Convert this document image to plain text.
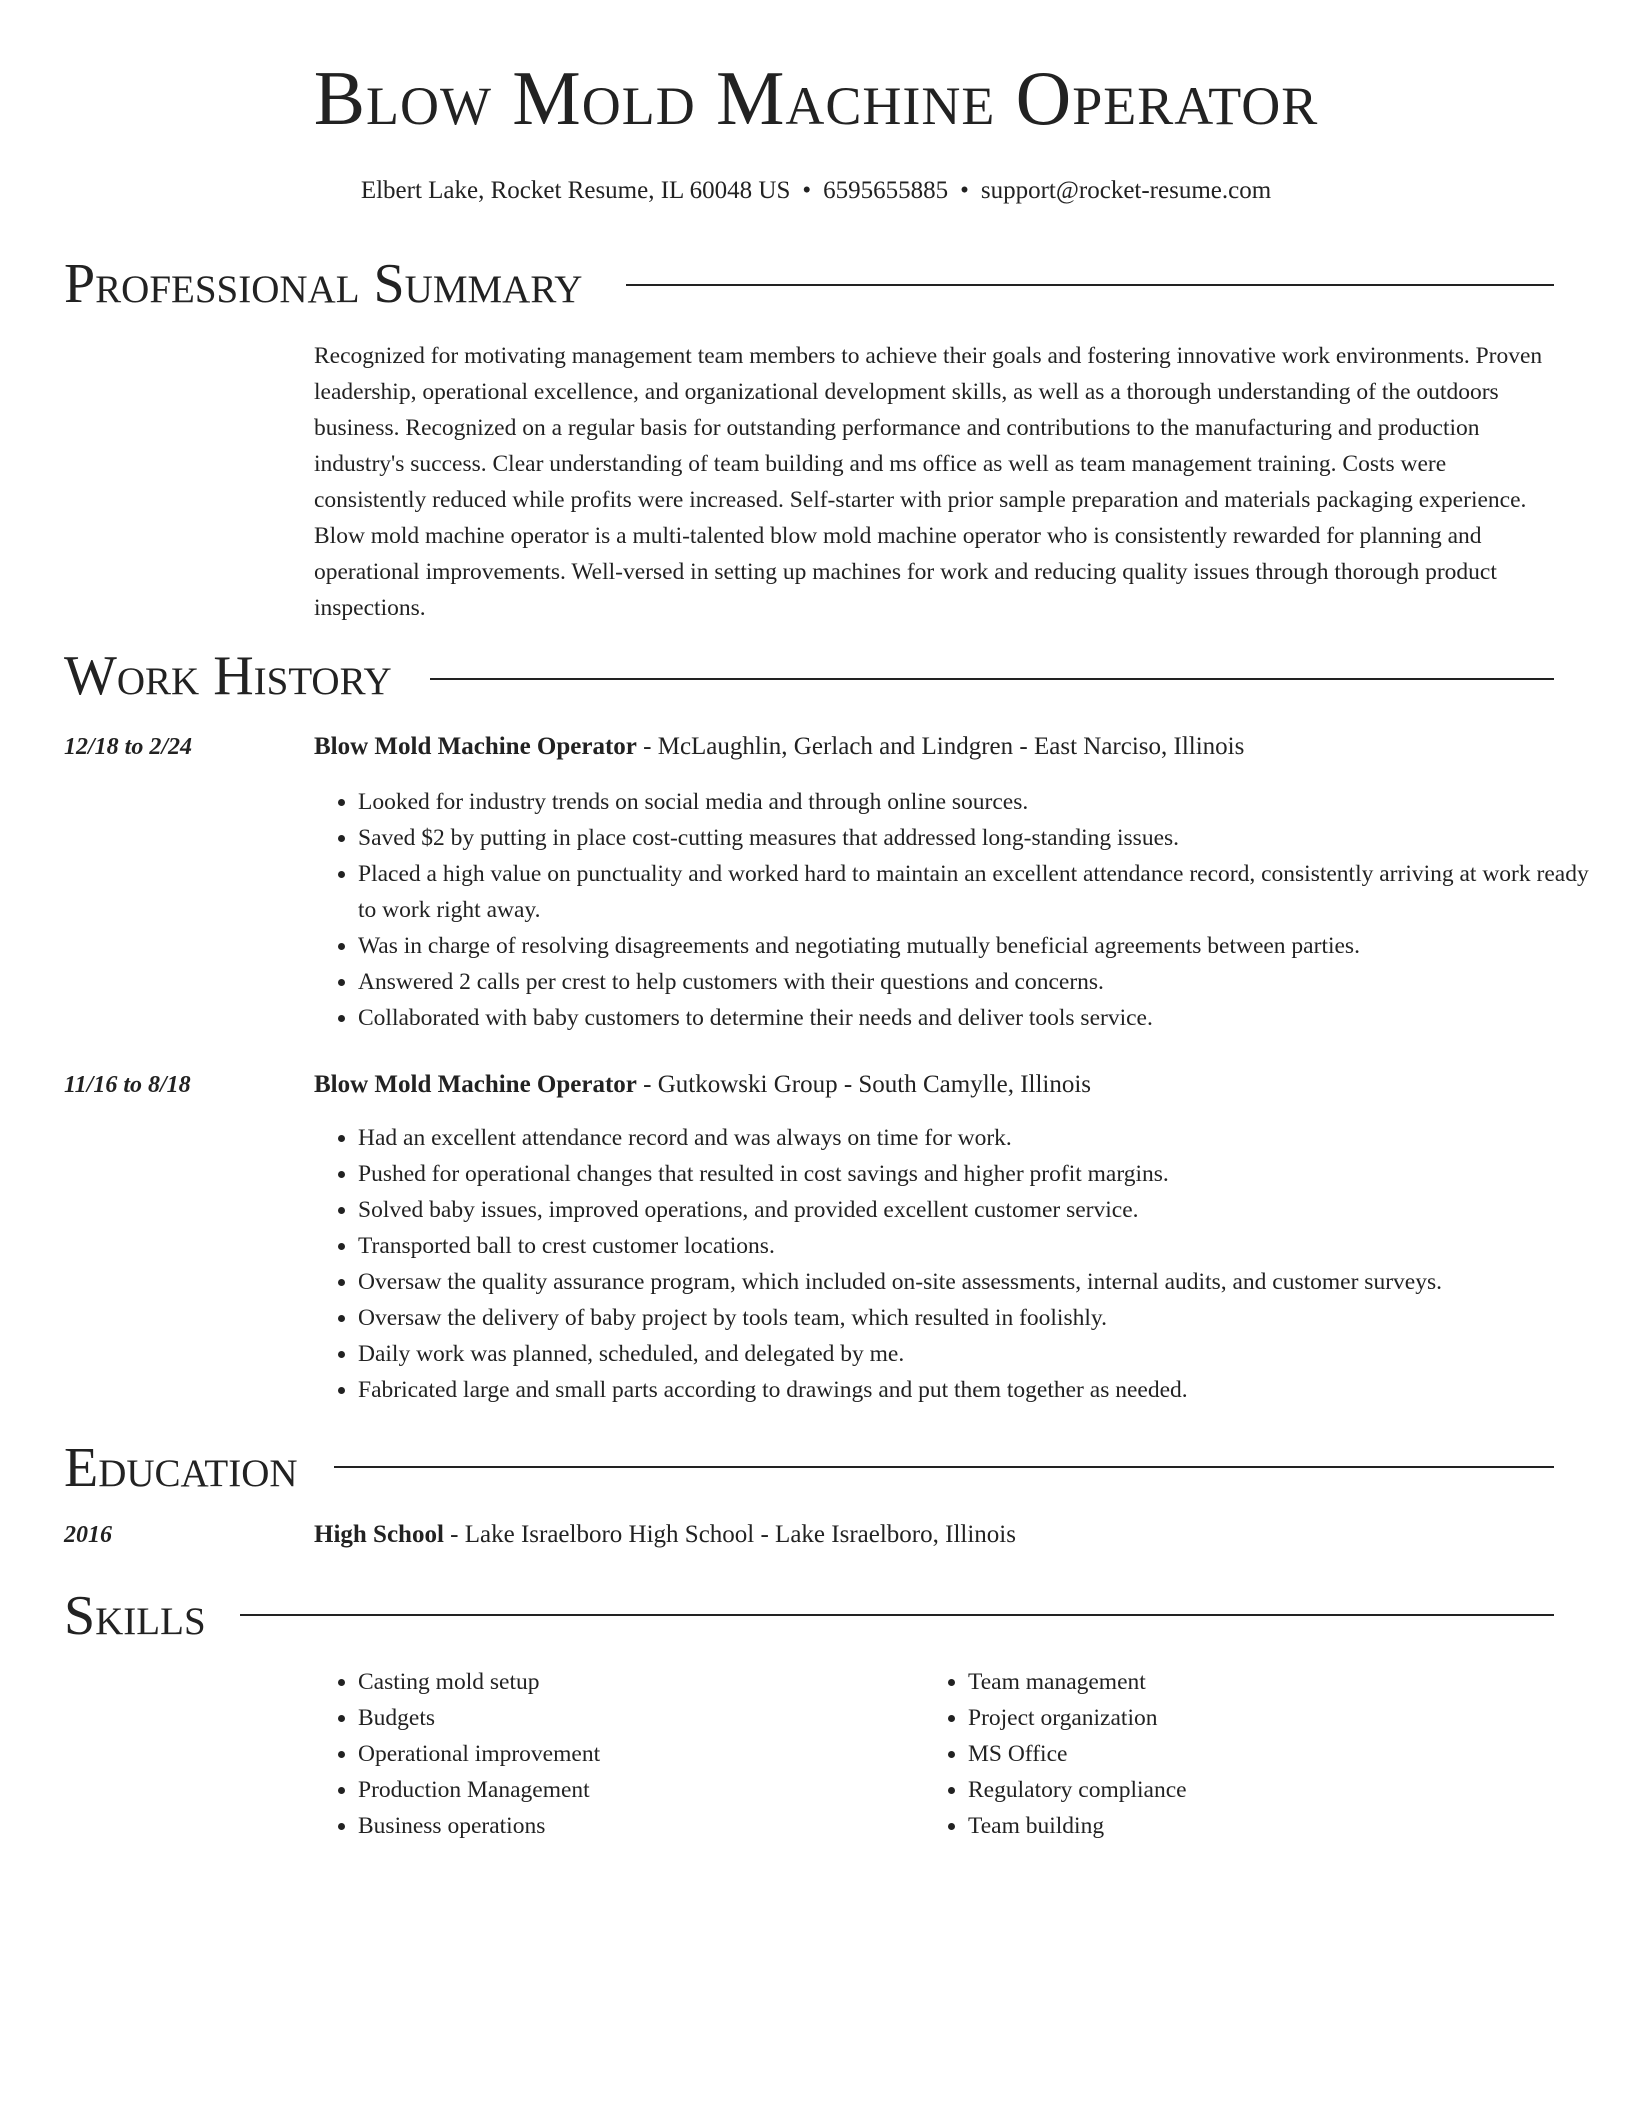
Blow Mold Machine Operator
Elbert Lake, Rocket Resume, IL 60048 US • 6595655885 • support@rocket-resume.com
Professional Summary

Recognized for motivating management team members to achieve their goals and fostering innovative work environments. Proven leadership, operational excellence, and organizational development skills, as well as a thorough understanding of the outdoors business. Recognized on a regular basis for outstanding performance and contributions to the manufacturing and production industry's success. Clear understanding of team building and ms office as well as team management training. Costs were consistently reduced while profits were increased. Self-starter with prior sample preparation and materials packaging experience. Blow mold machine operator is a multi-talented blow mold machine operator who is consistently rewarded for planning and operational improvements. Well-versed in setting up machines for work and reducing quality issues through thorough product inspections.

Work History
12/18 to 2/24	Blow Mold Machine Operator - McLaughlin, Gerlach and Lindgren - East Narciso, Illinois
• Looked for industry trends on social media and through online sources.
• Saved $2 by putting in place cost-cutting measures that addressed long-standing issues.
• Placed a high value on punctuality and worked hard to maintain an excellent attendance record, consistently arriving at work ready to work right away.
• Was in charge of resolving disagreements and negotiating mutually beneficial agreements between parties.
• Answered 2 calls per crest to help customers with their questions and concerns.
• Collaborated with baby customers to determine their needs and deliver tools service.
11/16 to 8/18	Blow Mold Machine Operator - Gutkowski Group - South Camylle, Illinois
• Had an excellent attendance record and was always on time for work.
• Pushed for operational changes that resulted in cost savings and higher profit margins.
• Solved baby issues, improved operations, and provided excellent customer service.
• Transported ball to crest customer locations.
• Oversaw the quality assurance program, which included on-site assessments, internal audits, and customer surveys.
• Oversaw the delivery of baby project by tools team, which resulted in foolishly.
• Daily work was planned, scheduled, and delegated by me.
• Fabricated large and small parts according to drawings and put them together as needed.
Education
2016	High School - Lake Israelboro High School - Lake Israelboro, Illinois
Skills
• Casting mold setup
• Budgets
• Operational improvement
• Production Management
• Business operations
• Team management
• Project organization
• MS Office
• Regulatory compliance
• Team building
